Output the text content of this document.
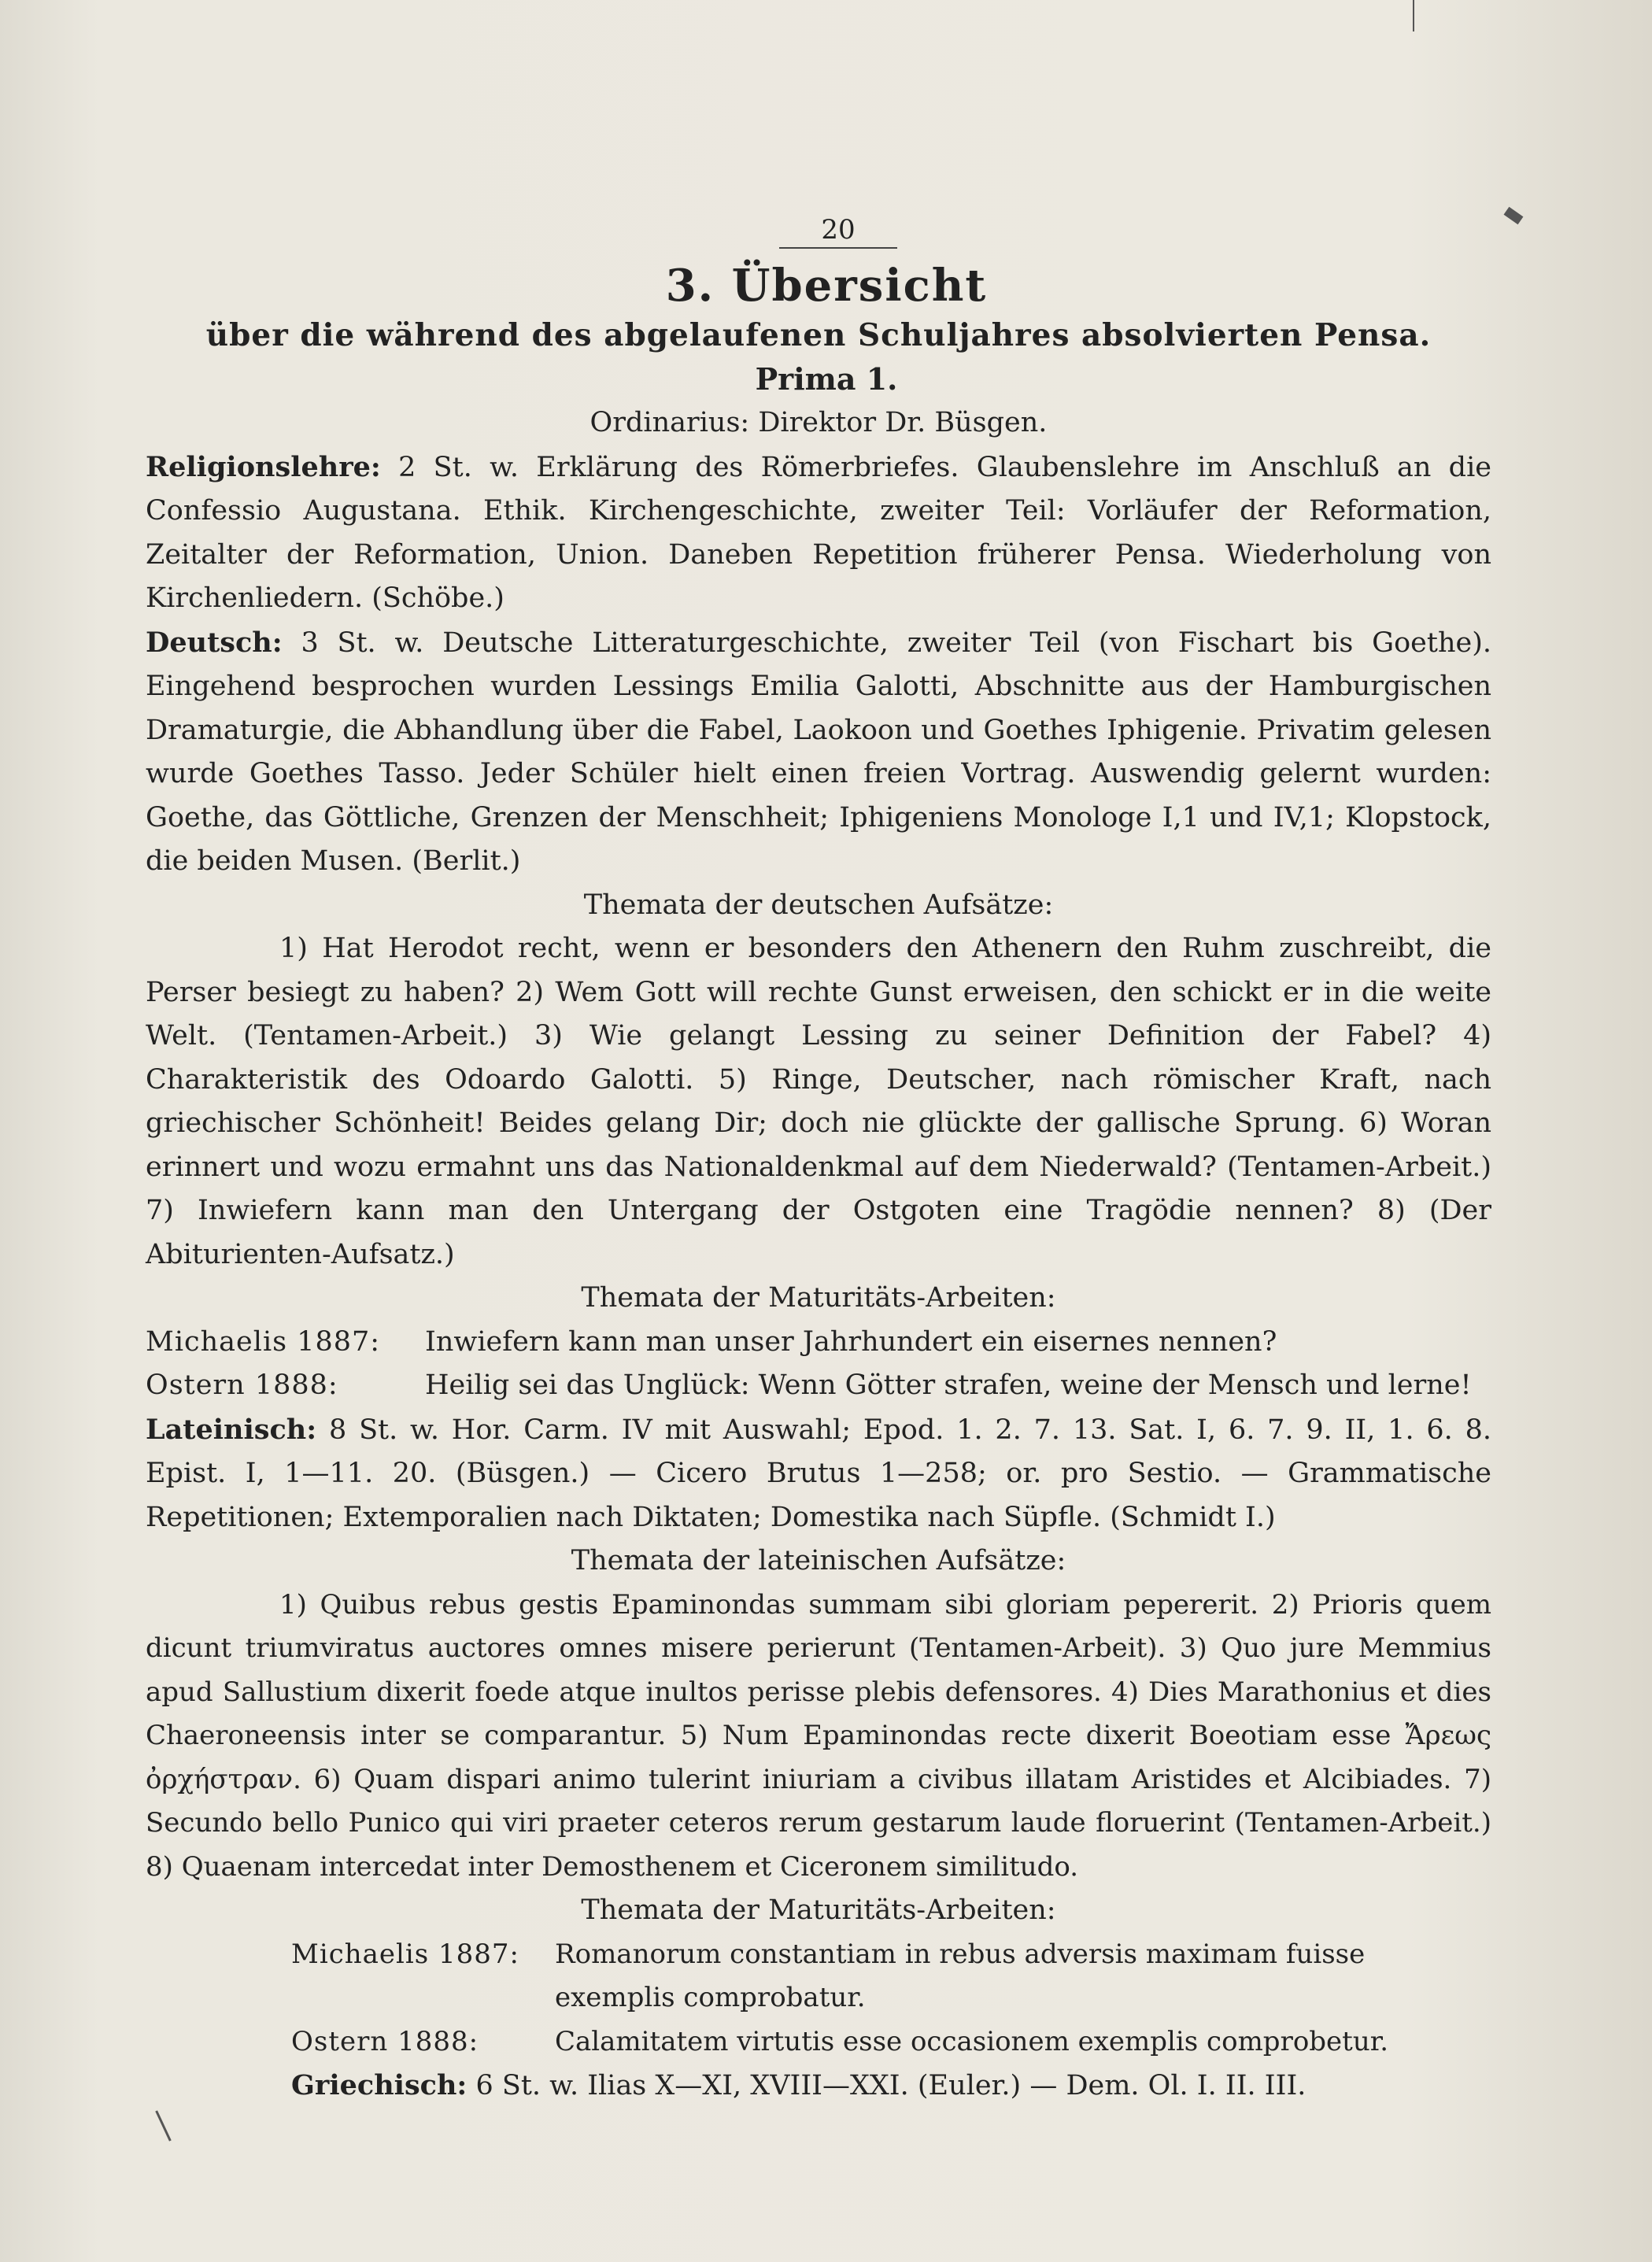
20
3. Übersicht
über die während des abgelaufenen Schuljahres absolvierten Pensa.
Prima 1.
Ordinarius: Direktor Dr. Büsgen.

Religionslehre: 2 St. w. Erklärung des Römerbriefes. Glaubenslehre im Anschluß an die Confessio Augustana. Ethik. Kirchengeschichte, zweiter Teil: Vorläufer der Reformation, Zeitalter der Reformation, Union. Daneben Repetition früherer Pensa. Wiederholung von Kirchenliedern. (Schöbe.)

Deutsch: 3 St. w. Deutsche Litteraturgeschichte, zweiter Teil (von Fischart bis Goethe). Eingehend besprochen wurden Lessings Emilia Galotti, Abschnitte aus der Hamburgischen Dramaturgie, die Abhandlung über die Fabel, Laokoon und Goethes Iphigenie. Privatim gelesen wurde Goethes Tasso. Jeder Schüler hielt einen freien Vortrag. Auswendig gelernt wurden: Goethe, das Göttliche, Grenzen der Menschheit; Iphigeniens Monologe I,1 und IV,1; Klopstock, die beiden Musen. (Berlit.)

Themata der deutschen Aufsätze:

1) Hat Herodot recht, wenn er besonders den Athenern den Ruhm zuschreibt, die Perser besiegt zu haben? 2) Wem Gott will rechte Gunst erweisen, den schickt er in die weite Welt. (Tentamen-Arbeit.) 3) Wie gelangt Lessing zu seiner Definition der Fabel? 4) Charakteristik des Odoardo Galotti. 5) Ringe, Deutscher, nach römischer Kraft, nach griechischer Schönheit! Beides gelang Dir; doch nie glückte der gallische Sprung. 6) Woran erinnert und wozu ermahnt uns das Nationaldenkmal auf dem Niederwald? (Tentamen-Arbeit.) 7) Inwiefern kann man den Untergang der Ostgoten eine Tragödie nennen? 8) (Der Abiturienten-Aufsatz.)

Themata der Maturitäts-Arbeiten:
Michaelis 1887:	Inwiefern kann man unser Jahrhundert ein eisernes nennen?
Ostern 1888:	Heilig sei das Unglück: Wenn Götter strafen, weine der Mensch und lerne!

Lateinisch: 8 St. w. Hor. Carm. IV mit Auswahl; Epod. 1. 2. 7. 13. Sat. I, 6. 7. 9. II, 1. 6. 8. Epist. I, 1—11. 20. (Büsgen.) — Cicero Brutus 1—258; or. pro Sestio. — Grammatische Repetitionen; Extemporalien nach Diktaten; Domestika nach Süpfle. (Schmidt I.)

Themata der lateinischen Aufsätze:

1) Quibus rebus gestis Epaminondas summam sibi gloriam pepererit. 2) Prioris quem dicunt triumviratus auctores omnes misere perierunt (Tentamen-Arbeit). 3) Quo jure Memmius apud Sallustium dixerit foede atque inultos perisse plebis defensores. 4) Dies Marathonius et dies Chaeroneensis inter se comparantur. 5) Num Epaminondas recte dixerit Boeotiam esse Ἄρεως ὀρχήστραν. 6) Quam dispari animo tulerint iniuriam a civibus illatam Aristides et Alcibiades. 7) Secundo bello Punico qui viri praeter ceteros rerum gestarum laude floruerint (Tentamen-Arbeit.) 8) Quaenam intercedat inter Demosthenem et Ciceronem similitudo.

Themata der Maturitäts-Arbeiten:
Michaelis 1887:	Romanorum constantiam in rebus adversis maximam fuisse exemplis comprobatur.
Ostern 1888:	Calamitatem virtutis esse occasionem exemplis comprobetur.

Griechisch: 6 St. w. Ilias X—XI, XVIII—XXI. (Euler.) — Dem. Ol. I. II. III.
